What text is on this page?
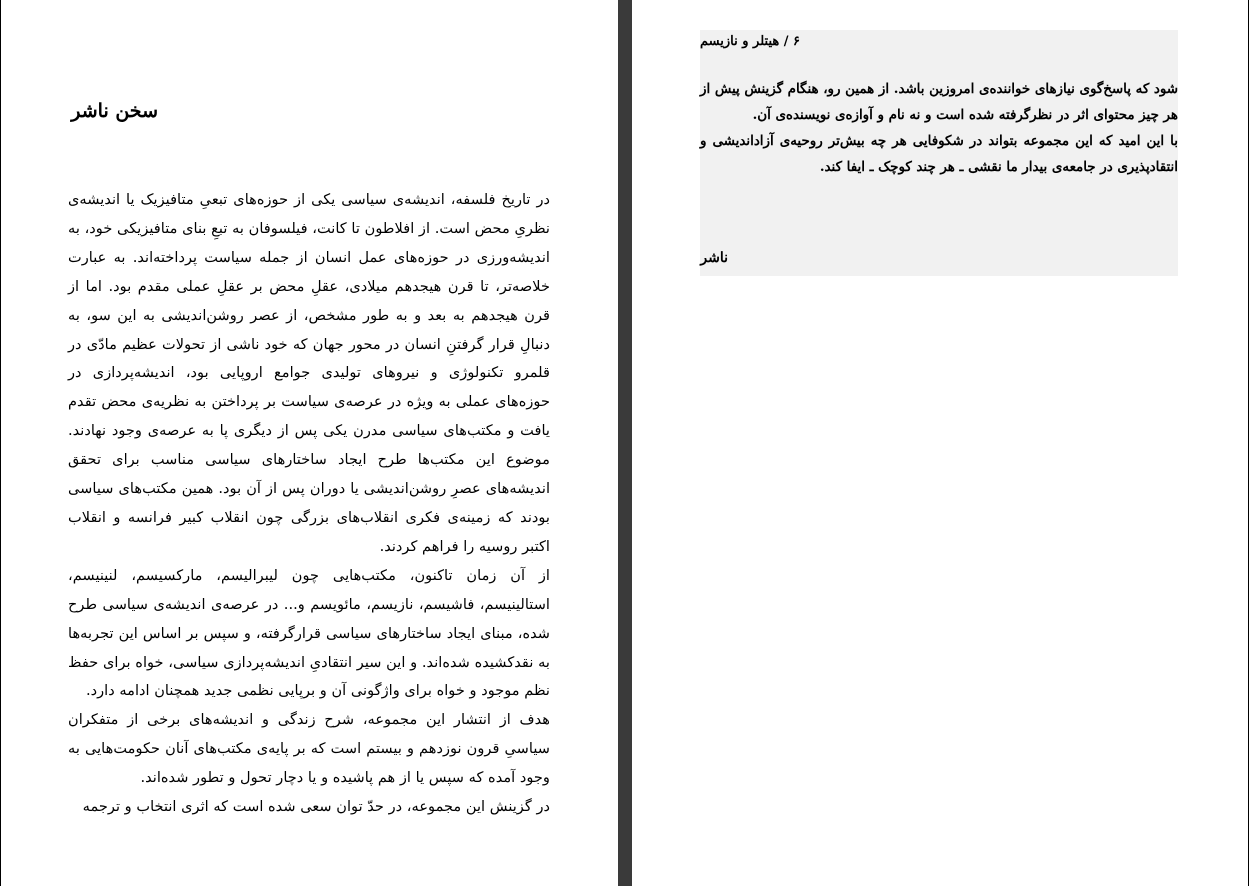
سخن ناشر

در تاریخ فلسفه، اندیشه‌ی سیاسی یکی از حوزه‌های تبعیِ متافیزیک یا اندیشه‌ی نظریِ محض است. از افلاطون تا کانت، فیلسوفان به تبعِ بنای متافیزیکی خود، به اندیشه‌ورزی در حوزه‌های عمل انسان از جمله سیاست پرداخته‌اند. به عبارت خلاصه‌تر، تا قرن هیجدهم میلادی، عقلِ محض بر عقلِ عملی مقدم بود. اما از قرن هیجدهم به بعد و به طور مشخص، از عصر روشن‌اندیشی به این سو، به دنبالِ قرار گرفتنِ انسان در محور جهان که خود ناشی از تحولات عظیم مادّی در قلمرو تکنولوژی و نیروهای تولیدی جوامع اروپایی بود، اندیشه‌پردازی در حوزه‌های عملی به ویژه در عرصه‌ی سیاست بر پرداختن به نظریه‌ی محض تقدم یافت و مکتب‌های سیاسی مدرن یکی پس از دیگری پا به عرصه‌ی وجود نهادند. موضوع این مکتب‌ها طرح ایجاد ساختارهای سیاسی مناسب برای تحقق اندیشه‌های عصرِ روشن‌اندیشی یا دوران پس از آن بود. همین مکتب‌های سیاسی بودند که زمینه‌ی فکری انقلاب‌های بزرگی چون انقلاب کبیر فرانسه و انقلاب اکتبر روسیه را فراهم کردند.

از آن زمان تاکنون، مکتب‌هایی چون لیبرالیسم، مارکسیسم، لنینیسم، استالینیسم، فاشیسم، نازیسم، مائویسم و... در عرصه‌ی اندیشه‌ی سیاسی طرح شده، مبنای ایجاد ساختارهای سیاسی قرارگرفته، و سپس بر اساس این تجربه‌ها به نقدکشیده شده‌اند. و این سیر انتقادیِ اندیشه‌پردازی سیاسی، خواه برای حفظ نظم موجود و خواه برای واژگونی آن و برپایی نظمی جدید همچنان ادامه دارد.

هدف از انتشار این مجموعه، شرح زندگی و اندیشه‌های برخی از متفکران سیاسیِ قرون نوزدهم و بیستم است که بر پایه‌ی مکتب‌های آنان حکومت‌هایی به وجود آمده که سپس یا از هم پاشیده و یا دچار تحول و تطور شده‌اند.

در گزینش این مجموعه، در حدّ توان سعی شده است که اثری انتخاب و ترجمه

۶ / هیتلر و نازیسم

شود که پاسخ‌گوی نیازهای خواننده‌ی امروزین باشد. از همین رو، هنگام گزینش پیش از هر چیز محتوای اثر در نظرگرفته شده است و نه نام و آوازه‌ی نویسنده‌ی آن.

با این امید که این مجموعه بتواند در شکوفایی هر چه بیش‌تر روحیه‌ی آزاداندیشی و انتقادپذیری در جامعه‌ی بیدار ما نقشی ـ هر چند کوچک ـ ایفا کند.

ناشر
